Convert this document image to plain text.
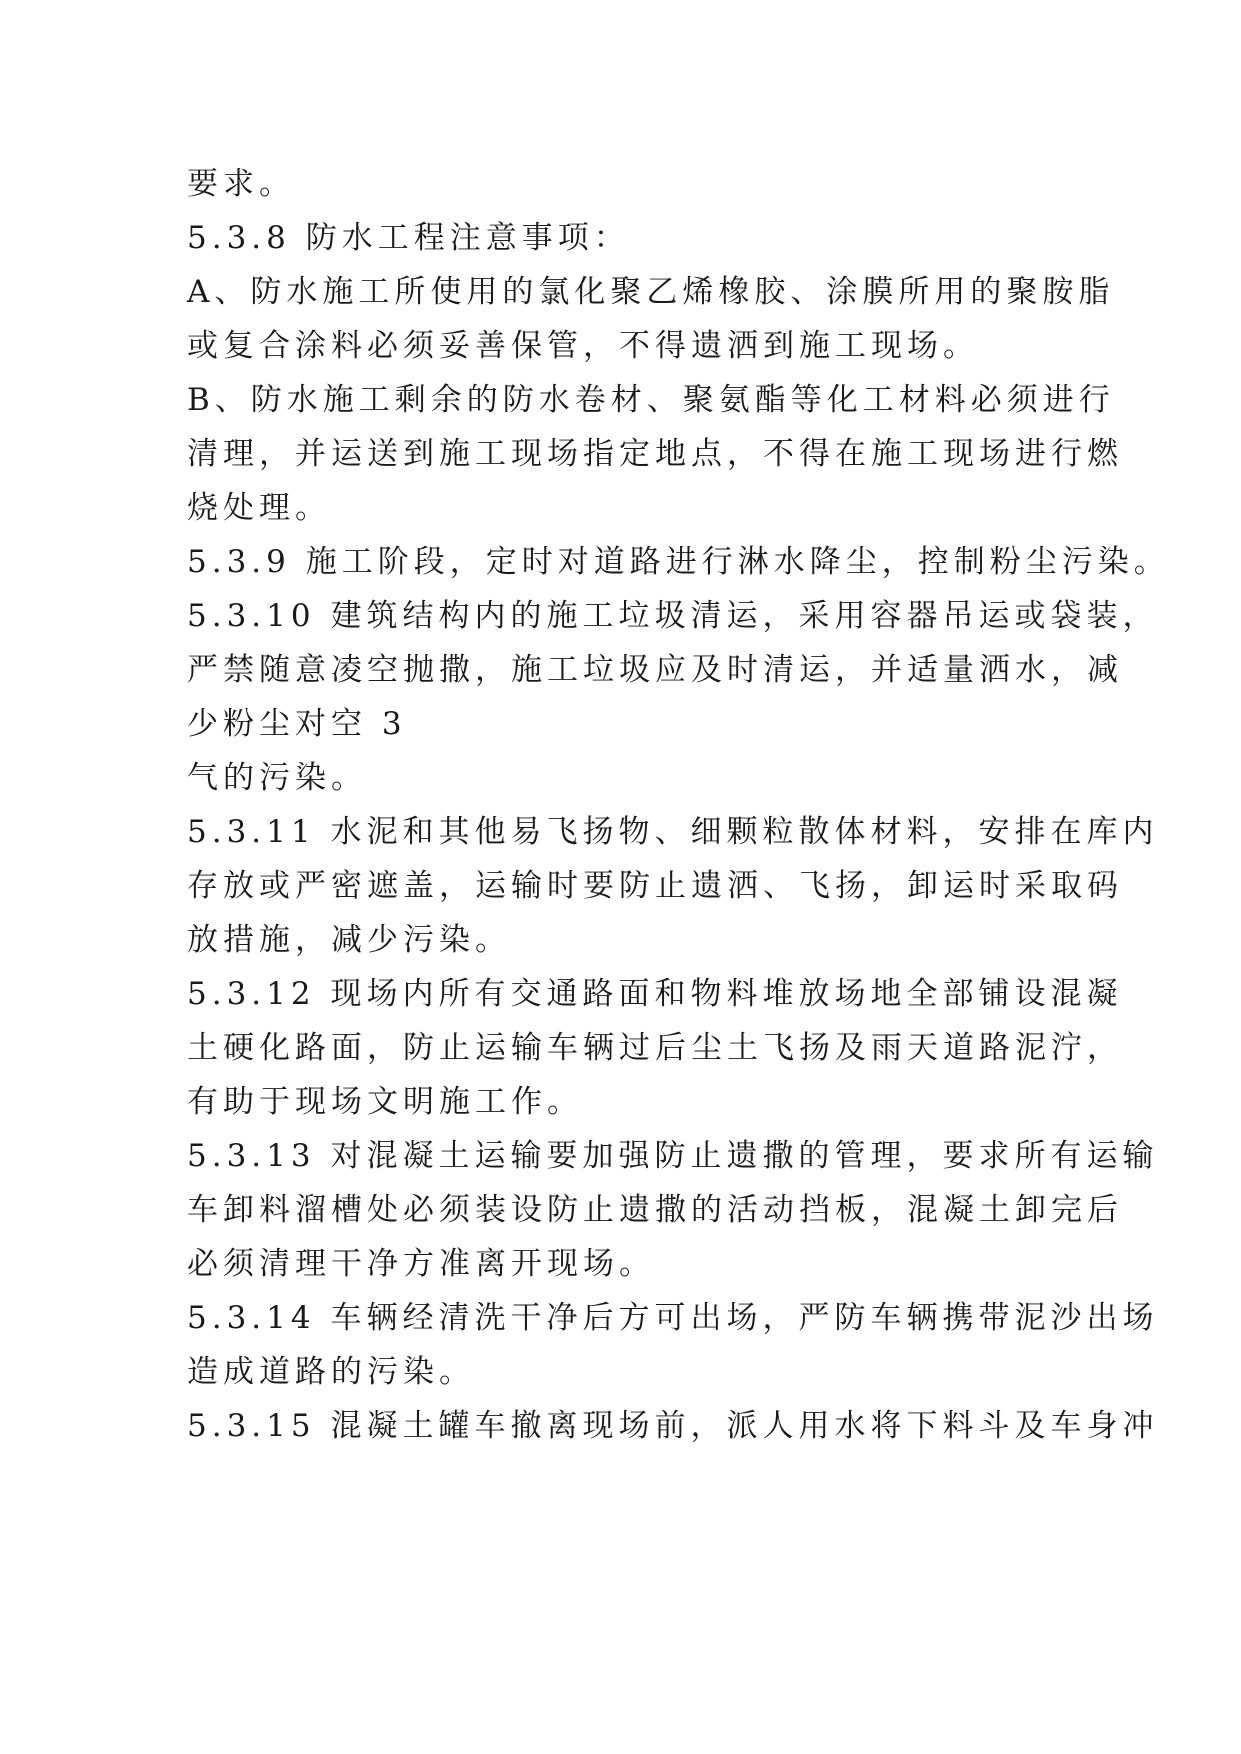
要求。

5.3.8 防水工程注意事项：

A、防水施工所使用的氯化聚乙烯橡胶、涂膜所用的聚胺脂

或复合涂料必须妥善保管，不得遗洒到施工现场。

B、防水施工剩余的防水卷材、聚氨酯等化工材料必须进行

清理，并运送到施工现场指定地点，不得在施工现场进行燃

烧处理。

5.3.9 施工阶段，定时对道路进行淋水降尘，控制粉尘污染。

5.3.10 建筑结构内的施工垃圾清运，采用容器吊运或袋装，

严禁随意凌空抛撒，施工垃圾应及时清运，并适量洒水，减

少粉尘对空 3

气的污染。

5.3.11 水泥和其他易飞扬物、细颗粒散体材料，安排在库内

存放或严密遮盖，运输时要防止遗洒、飞扬，卸运时采取码

放措施，减少污染。

5.3.12 现场内所有交通路面和物料堆放场地全部铺设混凝

土硬化路面，防止运输车辆过后尘土飞扬及雨天道路泥泞，

有助于现场文明施工作。

5.3.13 对混凝土运输要加强防止遗撒的管理，要求所有运输

车卸料溜槽处必须装设防止遗撒的活动挡板，混凝土卸完后

必须清理干净方准离开现场。

5.3.14 车辆经清洗干净后方可出场，严防车辆携带泥沙出场

造成道路的污染。

5.3.15 混凝土罐车撤离现场前，派人用水将下料斗及车身冲
